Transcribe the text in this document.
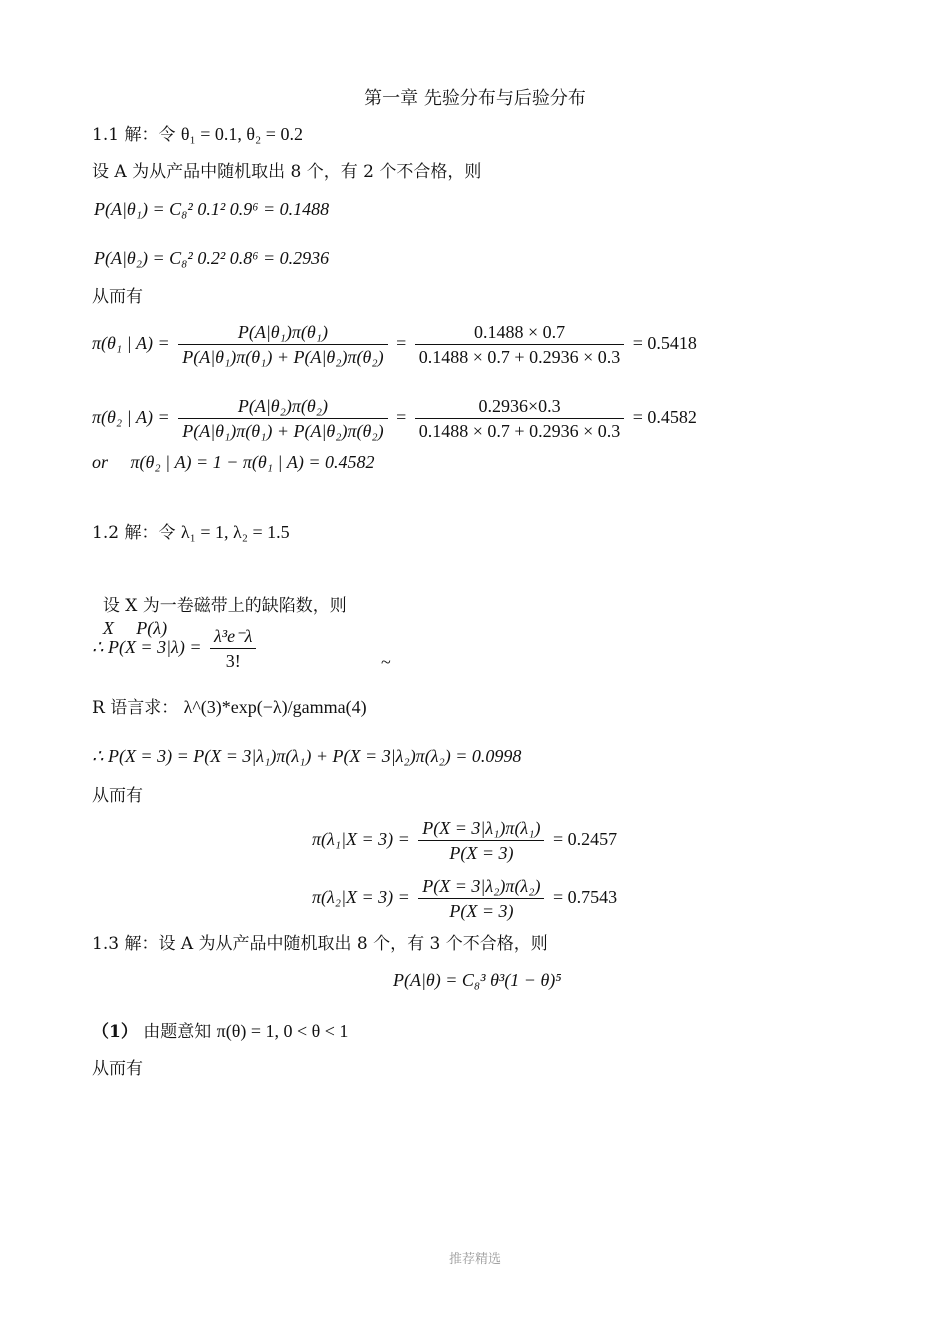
第一章 先验分布与后验分布
1.1 解：令 θ₁ = 0.1, θ₂ = 0.2
设 A 为从产品中随机取出 8 个，有 2 个不合格，则
P(A|θ₁) = C₈² 0.1² 0.9⁶ = 0.1488
P(A|θ₂) = C₈² 0.2² 0.8⁶ = 0.2936
从而有
π(θ₁ | $A) = \frac{\text{P(A|θ₁)π(θ₁)}}{\text{P(A|θ₁)π(θ₁) + P(A|θ₂)π(θ₂)}} = \frac{0.1488 \times 0.7}{0.1488 \times 0.7 + 0.2936 \times 0.3} = 0.5418$
π(θ₂ | $A) = \frac{\text{P(A|θ₂)π(θ₂)}}{\text{P(A|θ₁)π(θ₁) + P(A|θ₂)π(θ₂)}} = \frac{0.2936\times 0.3}{0.1488 \times 0.7 + 0.2936 \times 0.3} = 0.4582$
or     π(θ₂ | A) = 1 − π(θ₁ | A) = 0.4582
1.2 解：令 λ₁ = 1, λ₂ = 1.5

设 X 为一卷磁带上的缺陷数，则
X     P(λ)

∴ $P(X = 3|\lambda) = \frac{\text{λ³e⁻λ}}{3!}$	~
R 语言求： λ^(3)*exp(−λ)/gamma(4)
∴ P(X = 3) = P(X = 3|λ₁)π(λ₁) + P(X = 3|λ₂)π(λ₂) = 0.0998
从而有
$\pi(\lambda_1|X = 3) = \frac{\text{P(X = 3|λ₁)π(λ₁)}}{P(X = 3)} = 0.2457$
$\pi(\lambda_2|X = 3) = \frac{\text{P(X = 3|λ₂)π(λ₂)}}{P(X = 3)} = 0.7543$
1.3 解：设 A 为从产品中随机取出 8 个，有 3 个不合格，则
P(A|θ) = C₈³ θ³(1 − θ)⁵
（1） 由题意知 π(θ) = 1, 0 < θ < 1
从而有
推荐精选
